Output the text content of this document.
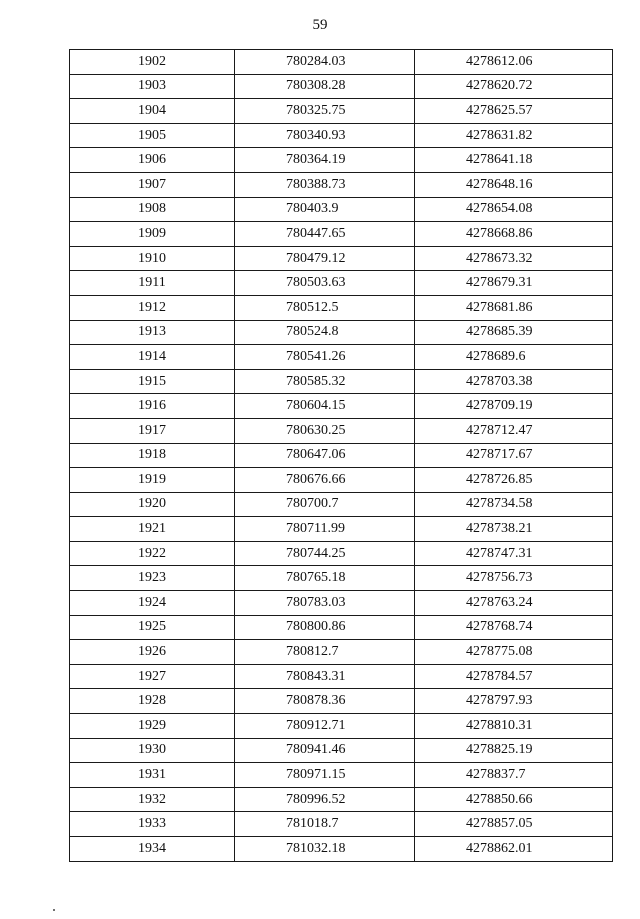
59
1902	780284.03	4278612.06
1903	780308.28	4278620.72
1904	780325.75	4278625.57
1905	780340.93	4278631.82
1906	780364.19	4278641.18
1907	780388.73	4278648.16
1908	780403.9	4278654.08
1909	780447.65	4278668.86
1910	780479.12	4278673.32
1911	780503.63	4278679.31
1912	780512.5	4278681.86
1913	780524.8	4278685.39
1914	780541.26	4278689.6
1915	780585.32	4278703.38
1916	780604.15	4278709.19
1917	780630.25	4278712.47
1918	780647.06	4278717.67
1919	780676.66	4278726.85
1920	780700.7	4278734.58
1921	780711.99	4278738.21
1922	780744.25	4278747.31
1923	780765.18	4278756.73
1924	780783.03	4278763.24
1925	780800.86	4278768.74
1926	780812.7	4278775.08
1927	780843.31	4278784.57
1928	780878.36	4278797.93
1929	780912.71	4278810.31
1930	780941.46	4278825.19
1931	780971.15	4278837.7
1932	780996.52	4278850.66
1933	781018.7	4278857.05
1934	781032.18	4278862.01
